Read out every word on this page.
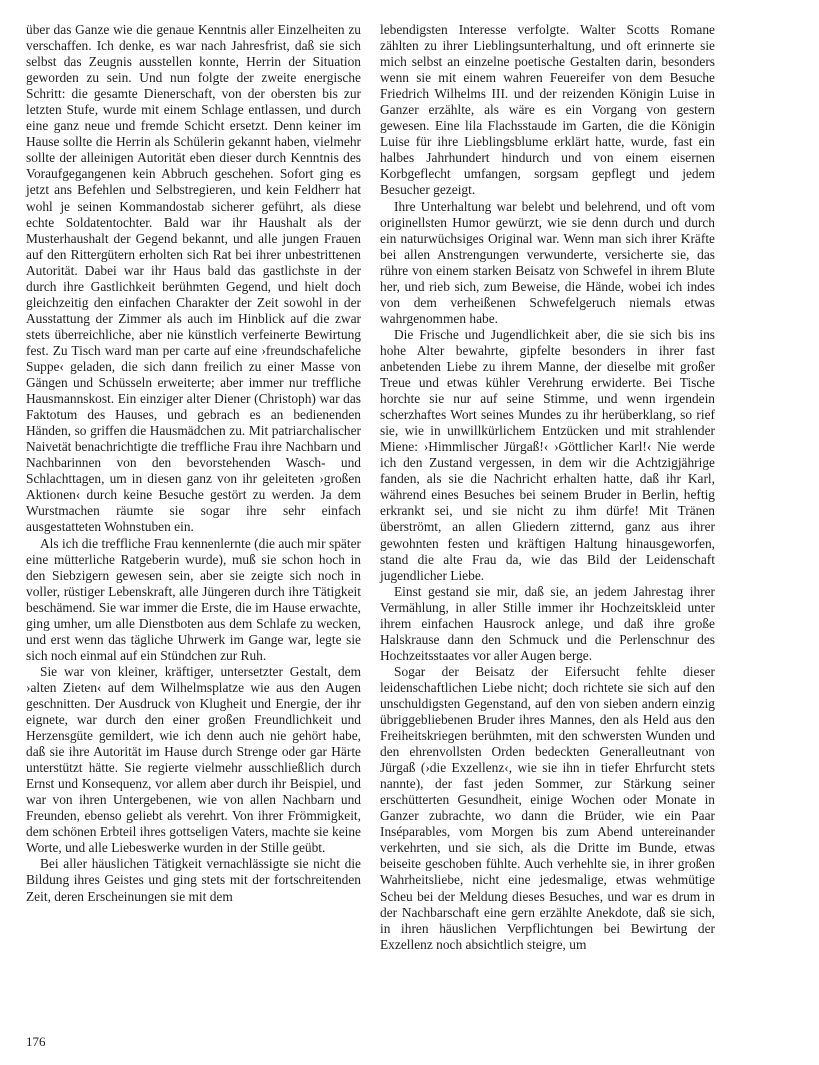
über das Ganze wie die genaue Kenntnis aller Einzelheiten zu verschaffen. Ich denke, es war nach Jahresfrist, daß sie sich selbst das Zeugnis ausstellen konnte, Herrin der Situation geworden zu sein. Und nun folgte der zweite energische Schritt: die gesamte Dienerschaft, von der obersten bis zur letzten Stufe, wurde mit einem Schlage entlassen, und durch eine ganz neue und fremde Schicht ersetzt. Denn keiner im Hause sollte die Herrin als Schülerin gekannt haben, vielmehr sollte der alleinigen Autorität eben dieser durch Kenntnis des Voraufgegangenen kein Abbruch geschehen. Sofort ging es jetzt ans Befehlen und Selbstregieren, und kein Feldherr hat wohl je seinen Kommandostab sicherer geführt, als diese echte Soldatentochter. Bald war ihr Haushalt als der Musterhaushalt der Gegend bekannt, und alle jungen Frauen auf den Rittergütern erholten sich Rat bei ihrer unbestrittenen Autorität. Dabei war ihr Haus bald das gastlichste in der durch ihre Gastlichkeit berühmten Gegend, und hielt doch gleichzeitig den einfachen Charakter der Zeit sowohl in der Ausstattung der Zimmer als auch im Hinblick auf die zwar stets überreichliche, aber nie künstlich verfeinerte Bewirtung fest. Zu Tisch ward man per carte auf eine ›freundschafeliche Suppe‹ geladen, die sich dann freilich zu einer Masse von Gängen und Schüsseln erweiterte; aber immer nur treffliche Hausmannskost. Ein einziger alter Diener (Christoph) war das Faktotum des Hauses, und gebrach es an bedienenden Händen, so griffen die Hausmädchen zu. Mit patriarchalischer Naivetät benachrichtigte die treffliche Frau ihre Nachbarn und Nachbarinnen von den bevorstehenden Wasch- und Schlachttagen, um in diesen ganz von ihr geleiteten ›großen Aktionen‹ durch keine Besuche gestört zu werden. Ja dem Wurstmachen räumte sie sogar ihre sehr einfach ausgestatteten Wohnstuben ein.

Als ich die treffliche Frau kennenlernte (die auch mir später eine mütterliche Ratgeberin wurde), muß sie schon hoch in den Siebzigern gewesen sein, aber sie zeigte sich noch in voller, rüstiger Lebenskraft, alle Jüngeren durch ihre Tätigkeit beschämend. Sie war immer die Erste, die im Hause erwachte, ging umher, um alle Dienstboten aus dem Schlafe zu wecken, und erst wenn das tägliche Uhrwerk im Gange war, legte sie sich noch einmal auf ein Stündchen zur Ruh.

Sie war von kleiner, kräftiger, untersetzter Gestalt, dem ›alten Zieten‹ auf dem Wilhelmsplatze wie aus den Augen geschnitten. Der Ausdruck von Klugheit und Energie, der ihr eignete, war durch den einer großen Freundlichkeit und Herzensgüte gemildert, wie ich denn auch nie gehört habe, daß sie ihre Autorität im Hause durch Strenge oder gar Härte unterstützt hätte. Sie regierte vielmehr ausschließlich durch Ernst und Konsequenz, vor allem aber durch ihr Beispiel, und war von ihren Untergebenen, wie von allen Nachbarn und Freunden, ebenso geliebt als verehrt. Von ihrer Frömmigkeit, dem schönen Erbteil ihres gottseligen Vaters, machte sie keine Worte, und alle Liebeswerke wurden in der Stille geübt.

Bei aller häuslichen Tätigkeit vernachlässigte sie nicht die Bildung ihres Geistes und ging stets mit der fortschreitenden Zeit, deren Erscheinungen sie mit dem

lebendigsten Interesse verfolgte. Walter Scotts Romane zählten zu ihrer Lieblingsunterhaltung, und oft erinnerte sie mich selbst an einzelne poetische Gestalten darin, besonders wenn sie mit einem wahren Feuereifer von dem Besuche Friedrich Wilhelms III. und der reizenden Königin Luise in Ganzer erzählte, als wäre es ein Vorgang von gestern gewesen. Eine lila Flachsstaude im Garten, die die Königin Luise für ihre Lieblingsblume erklärt hatte, wurde, fast ein halbes Jahrhundert hindurch und von einem eisernen Korbgeflecht umfangen, sorgsam gepflegt und jedem Besucher gezeigt.

Ihre Unterhaltung war belebt und belehrend, und oft vom originellsten Humor gewürzt, wie sie denn durch und durch ein naturwüchsiges Original war. Wenn man sich ihrer Kräfte bei allen Anstrengungen verwunderte, versicherte sie, das rühre von einem starken Beisatz von Schwefel in ihrem Blute her, und rieb sich, zum Beweise, die Hände, wobei ich indes von dem verheißenen Schwefelgeruch niemals etwas wahrgenommen habe.

Die Frische und Jugendlichkeit aber, die sie sich bis ins hohe Alter bewahrte, gipfelte besonders in ihrer fast anbetenden Liebe zu ihrem Manne, der dieselbe mit großer Treue und etwas kühler Verehrung erwiderte. Bei Tische horchte sie nur auf seine Stimme, und wenn irgendein scherzhaftes Wort seines Mundes zu ihr herüberklang, so rief sie, wie in unwillkürlichem Entzücken und mit strahlender Miene: ›Himmlischer Jürgaß!‹ ›Göttlicher Karl!‹ Nie werde ich den Zustand vergessen, in dem wir die Achtzigjährige fanden, als sie die Nachricht erhalten hatte, daß ihr Karl, während eines Besuches bei seinem Bruder in Berlin, heftig erkrankt sei, und sie nicht zu ihm dürfe! Mit Tränen überströmt, an allen Gliedern zitternd, ganz aus ihrer gewohnten festen und kräftigen Haltung hinausgeworfen, stand die alte Frau da, wie das Bild der Leidenschaft jugendlicher Liebe.

Einst gestand sie mir, daß sie, an jedem Jahrestag ihrer Vermählung, in aller Stille immer ihr Hochzeitskleid unter ihrem einfachen Hausrock anlege, und daß ihre große Halskrause dann den Schmuck und die Perlenschnur des Hochzeitsstaates vor aller Augen berge.

Sogar der Beisatz der Eifersucht fehlte dieser leidenschaftlichen Liebe nicht; doch richtete sie sich auf den unschuldigsten Gegenstand, auf den von sieben andern einzig übriggebliebenen Bruder ihres Mannes, den als Held aus den Freiheitskriegen berühmten, mit den schwersten Wunden und den ehrenvollsten Orden bedeckten Generalleutnant von Jürgaß (›die Exzellenz‹, wie sie ihn in tiefer Ehrfurcht stets nannte), der fast jeden Sommer, zur Stärkung seiner erschütterten Gesundheit, einige Wochen oder Monate in Ganzer zubrachte, wo dann die Brüder, wie ein Paar Inséparables, vom Morgen bis zum Abend untereinander verkehrten, und sie sich, als die Dritte im Bunde, etwas beiseite geschoben fühlte. Auch verhehlte sie, in ihrer großen Wahrheitsliebe, nicht eine jedesmalige, etwas wehmütige Scheu bei der Meldung dieses Besuches, und war es drum in der Nachbarschaft eine gern erzählte Anekdote, daß sie sich, in ihren häuslichen Verpflichtungen bei Bewirtung der Exzellenz noch absichtlich steigre, um

176
